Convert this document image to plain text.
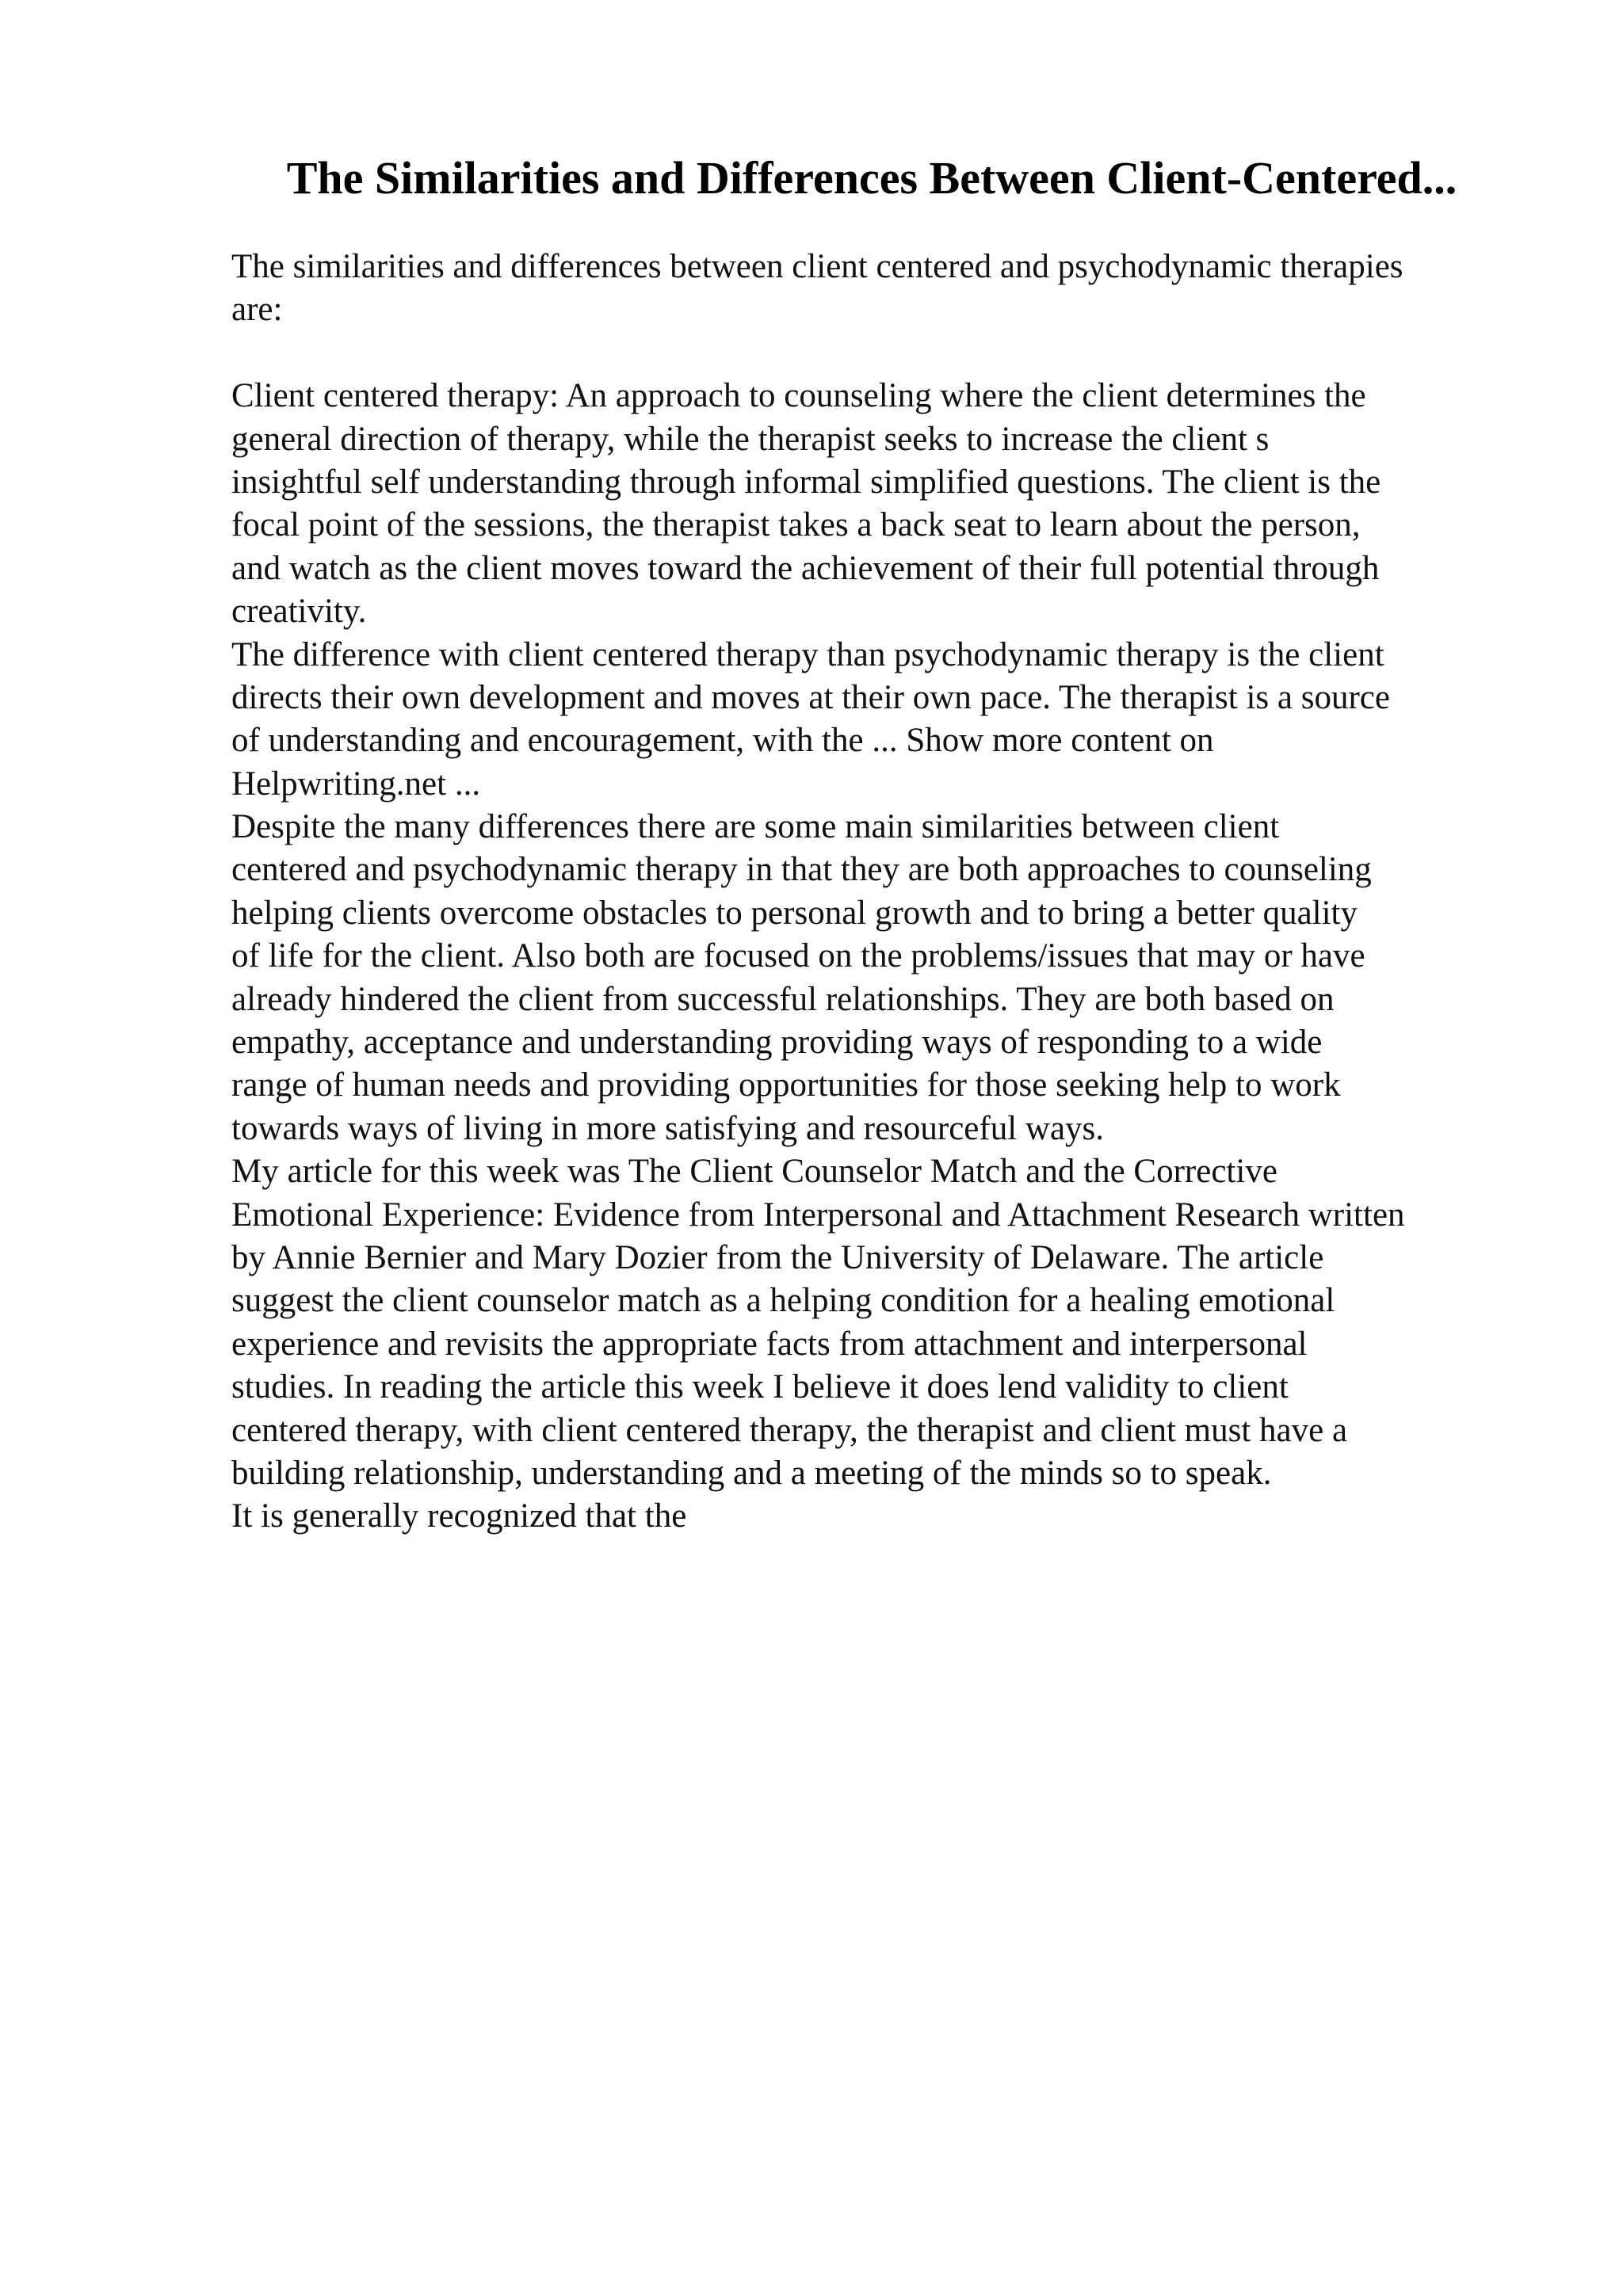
The Similarities and Differences Between Client-Centered...
The similarities and differences between client centered and psychodynamic therapies
are:
Client centered therapy: An approach to counseling where the client determines the
general direction of therapy, while the therapist seeks to increase the client s
insightful self understanding through informal simplified questions. The client is the
focal point of the sessions, the therapist takes a back seat to learn about the person,
and watch as the client moves toward the achievement of their full potential through
creativity.
The difference with client centered therapy than psychodynamic therapy is the client
directs their own development and moves at their own pace. The therapist is a source
of understanding and encouragement, with the ... Show more content on
Helpwriting.net ...
Despite the many differences there are some main similarities between client
centered and psychodynamic therapy in that they are both approaches to counseling
helping clients overcome obstacles to personal growth and to bring a better quality
of life for the client. Also both are focused on the problems/issues that may or have
already hindered the client from successful relationships. They are both based on
empathy, acceptance and understanding providing ways of responding to a wide
range of human needs and providing opportunities for those seeking help to work
towards ways of living in more satisfying and resourceful ways.
My article for this week was The Client Counselor Match and the Corrective
Emotional Experience: Evidence from Interpersonal and Attachment Research written
by Annie Bernier and Mary Dozier from the University of Delaware. The article
suggest the client counselor match as a helping condition for a healing emotional
experience and revisits the appropriate facts from attachment and interpersonal
studies. In reading the article this week I believe it does lend validity to client
centered therapy, with client centered therapy, the therapist and client must have a
building relationship, understanding and a meeting of the minds so to speak.
It is generally recognized that the
